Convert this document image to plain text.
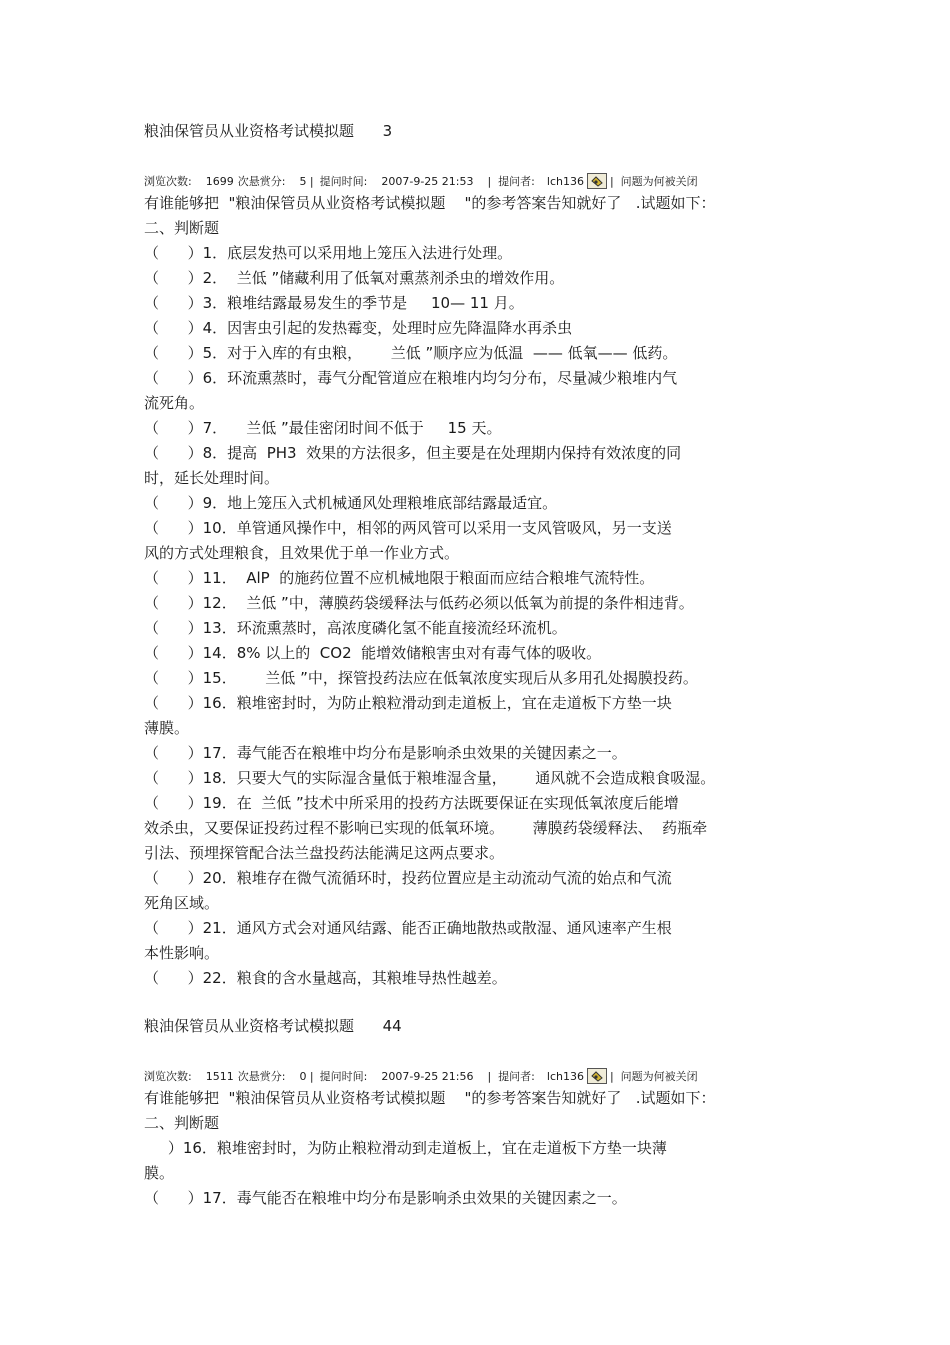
粮油保管员从业资格考试模拟题      3
浏览次数: 1699 次悬赏分: 5 | 提问时间: 2007-9-25 21:53 |  提问者: lch136

|  问题为何被关闭
有谁能够把  "粮油保管员从业资格考试模拟题    "的参考答案告知就好了   .试题如下：
二、判断题
（      ）1．底层发热可以采用地上笼压入法进行处理。
（      ）2．  兰低 ”储藏利用了低氧对熏蒸剂杀虫的增效作用。
（      ）3．粮堆结露最易发生的季节是     10— 11 月。
（      ）4．因害虫引起的发热霉变，处理时应先降温降水再杀虫
（      ）5．对于入库的有虫粮，      兰低 ”顺序应为低温  —— 低氧—— 低药。
（      ）6．环流熏蒸时，毒气分配管道应在粮堆内均匀分布，尽量减少粮堆内气
流死角。
（      ）7．    兰低 ”最佳密闭时间不低于     15 天。
（      ）8．提高  PH3  效果的方法很多，但主要是在处理期内保持有效浓度的同
时，延长处理时间。
（      ）9．地上笼压入式机械通风处理粮堆底部结露最适宜。
（      ）10．单管通风操作中，相邻的两风管可以采用一支风管吸风，另一支送
风的方式处理粮食，且效果优于单一作业方式。
（      ）11．  AlP  的施药位置不应机械地限于粮面而应结合粮堆气流特性。
（      ）12．  兰低 ”中，薄膜药袋缓释法与低药必须以低氧为前提的条件相违背。
（      ）13．环流熏蒸时，高浓度磷化氢不能直接流经环流机。
（      ）14．8% 以上的  CO2  能增效储粮害虫对有毒气体的吸收。
（      ）15．      兰低 ”中，探管投药法应在低氧浓度实现后从多用孔处揭膜投药。
（      ）16．粮堆密封时，为防止粮粒滑动到走道板上，宜在走道板下方垫一块
薄膜。
（      ）17．毒气能否在粮堆中均分布是影响杀虫效果的关键因素之一。
（      ）18．只要大气的实际湿含量低于粮堆湿含量，      通风就不会造成粮食吸湿。
（      ）19．在  兰低 ”技术中所采用的投药方法既要保证在实现低氧浓度后能增
效杀虫，又要保证投药过程不影响已实现的低氧环境。      薄膜药袋缓释法、  药瓶牵
引法、预埋探管配合法兰盘投药法能满足这两点要求。
（      ）20．粮堆存在微气流循环时，投药位置应是主动流动气流的始点和气流
死角区域。
（      ）21．通风方式会对通风结露、能否正确地散热或散湿、通风速率产生根
本性影响。
（      ）22．粮食的含水量越高，其粮堆导热性越差。
粮油保管员从业资格考试模拟题      44
浏览次数: 1511 次悬赏分: 0 | 提问时间: 2007-9-25 21:56 |  提问者: lch136

|  问题为何被关闭
有谁能够把  "粮油保管员从业资格考试模拟题    "的参考答案告知就好了   .试题如下：
二、判断题
）16．粮堆密封时，为防止粮粒滑动到走道板上，宜在走道板下方垫一块薄
膜。
（      ）17．毒气能否在粮堆中均分布是影响杀虫效果的关键因素之一。
